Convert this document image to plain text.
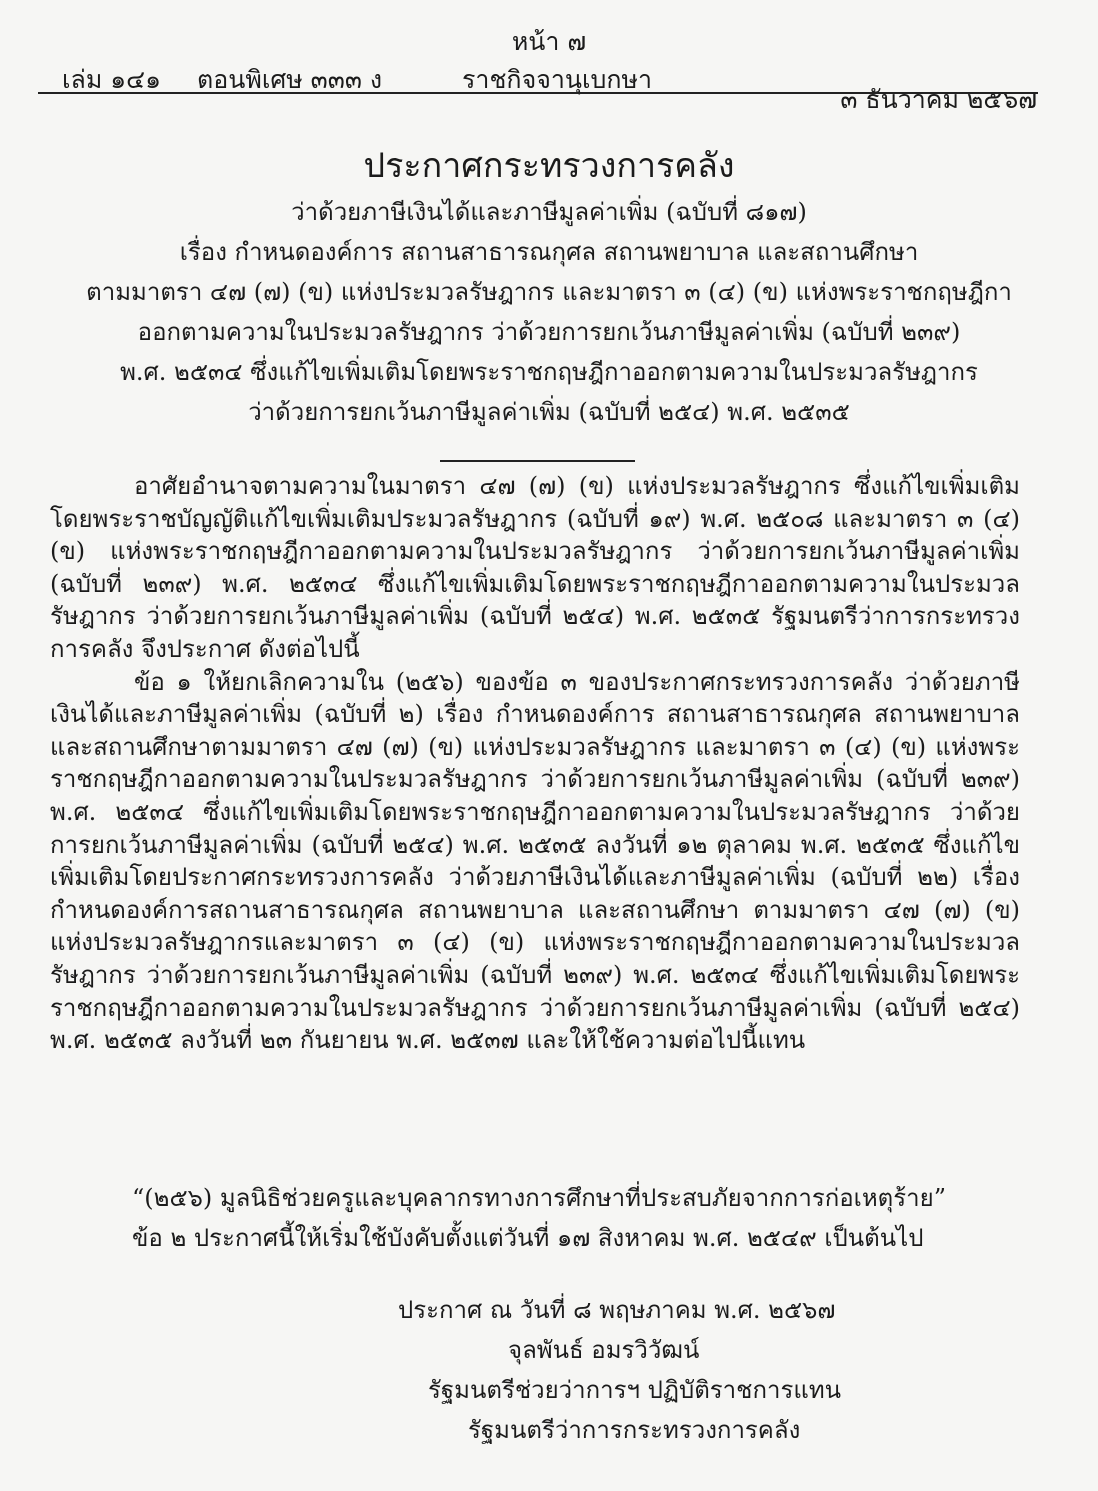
หน้า ๗
เล่ม ๑๔๑ ตอนพิเศษ ๓๓๓ ง	ราชกิจจานุเบกษา
๓ ธันวาคม ๒๕๖๗
ประกาศกระทรวงการคลัง
ว่าด้วยภาษีเงินได้และภาษีมูลค่าเพิ่ม (ฉบับที่ ๘๑๗)
เรื่อง กำหนดองค์การ สถานสาธารณกุศล สถานพยาบาล และสถานศึกษา
ตามมาตรา ๔๗ (๗) (ข) แห่งประมวลรัษฎากร และมาตรา ๓ (๔) (ข) แห่งพระราชกฤษฎีกา
ออกตามความในประมวลรัษฎากร ว่าด้วยการยกเว้นภาษีมูลค่าเพิ่ม (ฉบับที่ ๒๓๙)
พ.ศ. ๒๕๓๔ ซึ่งแก้ไขเพิ่มเติมโดยพระราชกฤษฎีกาออกตามความในประมวลรัษฎากร
ว่าด้วยการยกเว้นภาษีมูลค่าเพิ่ม (ฉบับที่ ๒๕๔) พ.ศ. ๒๕๓๕

อาศัยอำนาจตามความในมาตรา ๔๗ (๗) (ข) แห่งประมวลรัษฎากร ซึ่งแก้ไขเพิ่มเติมโดยพระราชบัญญัติแก้ไขเพิ่มเติมประมวลรัษฎากร (ฉบับที่ ๑๙) พ.ศ. ๒๕๐๘ และมาตรา ๓ (๔) (ข) แห่งพระราชกฤษฎีกาออกตามความในประมวลรัษฎากร ว่าด้วยการยกเว้นภาษีมูลค่าเพิ่ม (ฉบับที่ ๒๓๙) พ.ศ. ๒๕๓๔ ซึ่งแก้ไขเพิ่มเติมโดยพระราชกฤษฎีกาออกตามความในประมวลรัษฎากร ว่าด้วยการยกเว้นภาษีมูลค่าเพิ่ม (ฉบับที่ ๒๕๔) พ.ศ. ๒๕๓๕ รัฐมนตรีว่าการกระทรวงการคลัง จึงประกาศ ดังต่อไปนี้

ข้อ ๑ ให้ยกเลิกความใน (๒๕๖) ของข้อ ๓ ของประกาศกระทรวงการคลัง ว่าด้วยภาษีเงินได้และภาษีมูลค่าเพิ่ม (ฉบับที่ ๒) เรื่อง กำหนดองค์การ สถานสาธารณกุศล สถานพยาบาล และสถานศึกษาตามมาตรา ๔๗ (๗) (ข) แห่งประมวลรัษฎากร และมาตรา ๓ (๔) (ข) แห่งพระราชกฤษฎีกาออกตามความในประมวลรัษฎากร ว่าด้วยการยกเว้นภาษีมูลค่าเพิ่ม (ฉบับที่ ๒๓๙) พ.ศ. ๒๕๓๔ ซึ่งแก้ไขเพิ่มเติมโดยพระราชกฤษฎีกาออกตามความในประมวลรัษฎากร ว่าด้วยการยกเว้นภาษีมูลค่าเพิ่ม (ฉบับที่ ๒๕๔) พ.ศ. ๒๕๓๕ ลงวันที่ ๑๒ ตุลาคม พ.ศ. ๒๕๓๕ ซึ่งแก้ไขเพิ่มเติมโดยประกาศกระทรวงการคลัง ว่าด้วยภาษีเงินได้และภาษีมูลค่าเพิ่ม (ฉบับที่ ๒๒) เรื่อง กำหนดองค์การสถานสาธารณกุศล สถานพยาบาล และสถานศึกษา ตามมาตรา ๔๗ (๗) (ข) แห่งประมวลรัษฎากรและมาตรา ๓ (๔) (ข) แห่งพระราชกฤษฎีกาออกตามความในประมวลรัษฎากร ว่าด้วยการยกเว้นภาษีมูลค่าเพิ่ม (ฉบับที่ ๒๓๙) พ.ศ. ๒๕๓๔ ซึ่งแก้ไขเพิ่มเติมโดยพระราชกฤษฎีกาออกตามความในประมวลรัษฎากร ว่าด้วยการยกเว้นภาษีมูลค่าเพิ่ม (ฉบับที่ ๒๕๔) พ.ศ. ๒๕๓๕ ลงวันที่ ๒๓ กันยายน พ.ศ. ๒๕๓๗ และให้ใช้ความต่อไปนี้แทน

“(๒๕๖) มูลนิธิช่วยครูและบุคลากรทางการศึกษาที่ประสบภัยจากการก่อเหตุร้าย”
ข้อ ๒ ประกาศนี้ให้เริ่มใช้บังคับตั้งแต่วันที่ ๑๗ สิงหาคม พ.ศ. ๒๕๔๙ เป็นต้นไป
ประกาศ ณ วันที่ ๘ พฤษภาคม พ.ศ. ๒๕๖๗
จุลพันธ์ อมรวิวัฒน์
รัฐมนตรีช่วยว่าการฯ ปฏิบัติราชการแทน
รัฐมนตรีว่าการกระทรวงการคลัง
